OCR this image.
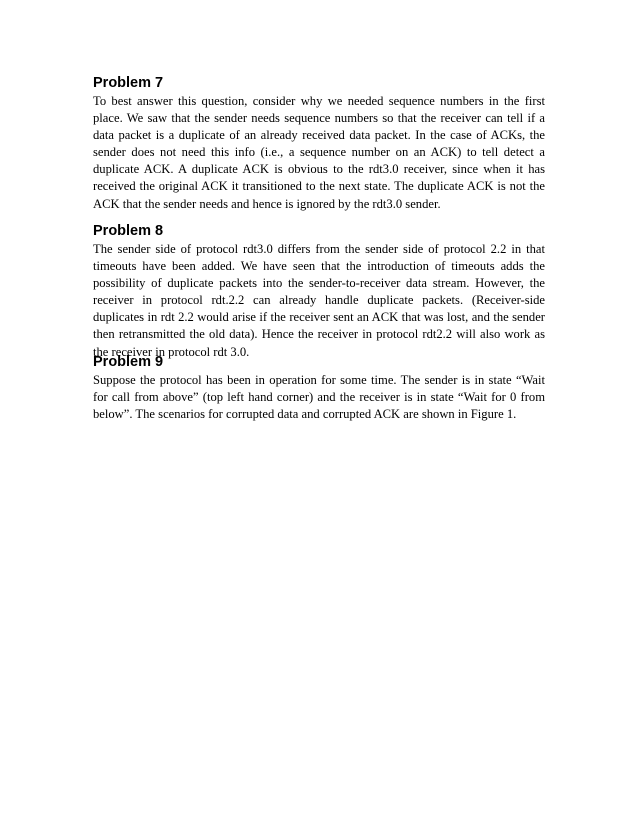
Problem 7

To best answer this question, consider why we needed sequence numbers in the first place. We saw that the sender needs sequence numbers so that the receiver can tell if a data packet is a duplicate of an already received data packet. In the case of ACKs, the sender does not need this info (i.e., a sequence number on an ACK) to tell detect a duplicate ACK. A duplicate ACK is obvious to the rdt3.0 receiver, since when it has received the original ACK it transitioned to the next state. The duplicate ACK is not the ACK that the sender needs and hence is ignored by the rdt3.0 sender.

Problem 8

The sender side of protocol rdt3.0 differs from the sender side of protocol 2.2 in that timeouts have been added. We have seen that the introduction of timeouts adds the possibility of duplicate packets into the sender-to-receiver data stream. However, the receiver in protocol rdt.2.2 can already handle duplicate packets. (Receiver-side duplicates in rdt 2.2 would arise if the receiver sent an ACK that was lost, and the sender then retransmitted the old data). Hence the receiver in protocol rdt2.2 will also work as the receiver in protocol rdt 3.0.

Problem 9

Suppose the protocol has been in operation for some time. The sender is in state “Wait for call from above” (top left hand corner) and the receiver is in state “Wait for 0 from below”. The scenarios for corrupted data and corrupted ACK are shown in Figure 1.
